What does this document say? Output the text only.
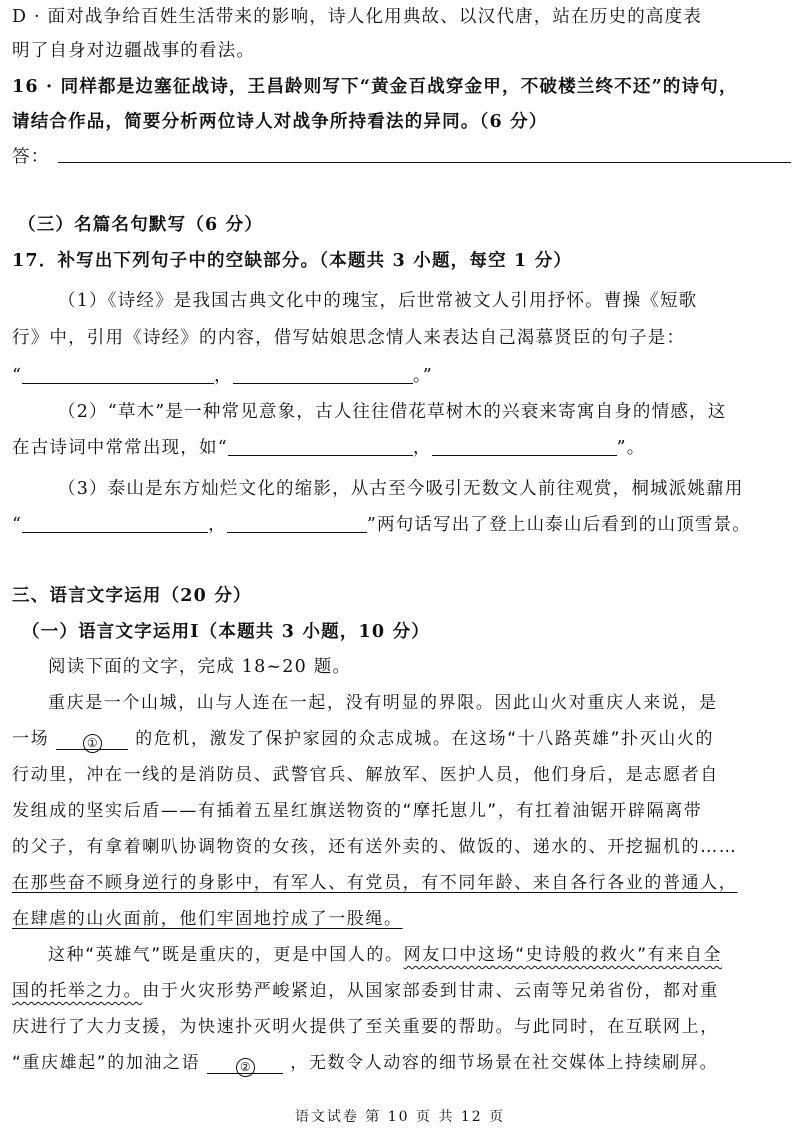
D · 面对战争给百姓生活带来的影响，诗人化用典故、以汉代唐，站在历史的高度表
明了自身对边疆战事的看法。
16 · 同样都是边塞征战诗，王昌龄则写下“黄金百战穿金甲，不破楼兰终不还”的诗句，
请结合作品，简要分析两位诗人对战争所持看法的异同。（6 分）
答：
（三）名篇名句默写（6 分）
17．补写出下列句子中的空缺部分。（本题共 3 小题，每空 1 分）
（1）《诗经》是我国古典文化中的瑰宝，后世常被文人引用抒怀。曹操《短歌
行》中，引用《诗经》的内容，借写姑娘思念情人来表达自己渴慕贤臣的句子是：
“	，	。”
（2）“草木”是一种常见意象，古人往往借花草树木的兴衰来寄寓自身的情感，这
在古诗词中常常出现，如“	，	”。
（3）泰山是东方灿烂文化的缩影，从古至今吸引无数文人前往观赏，桐城派姚鼐用
“	，	”两句话写出了登上山泰山后看到的山顶雪景。
三、语言文字运用（20 分）
（一）语言文字运用Ⅰ（本题共 3 小题，10 分）
阅读下面的文字，完成 18~20 题。
重庆是一个山城，山与人连在一起，没有明显的界限。因此山火对重庆人来说，是
一场	① 的危机，激发了保护家园的众志成城。在这场“十八路英雄”扑灭山火的
行动里，冲在一线的是消防员、武警官兵、解放军、医护人员，他们身后，是志愿者自
发组成的坚实后盾——有插着五星红旗送物资的“摩托崽儿”，有扛着油锯开辟隔离带
的父子，有拿着喇叭协调物资的女孩，还有送外卖的、做饭的、递水的、开挖掘机的……
在那些奋不顾身逆行的身影中，有军人、有党员，有不同年龄、来自各行各业的普通人，
在肆虐的山火面前，他们牢固地拧成了一股绳。
这种“英雄气”既是重庆的，更是中国人的。网友口中这场“史诗般的救火”有来自全
国的托举之力。由于火灾形势严峻紧迫，从国家部委到甘肃、云南等兄弟省份，都对重
庆进行了大力支援，为快速扑灭明火提供了至关重要的帮助。与此同时，在互联网上，
“重庆雄起”的加油之语	② ，无数令人动容的细节场景在社交媒体上持续刷屏。
语文试卷 第 10 页 共 12 页
